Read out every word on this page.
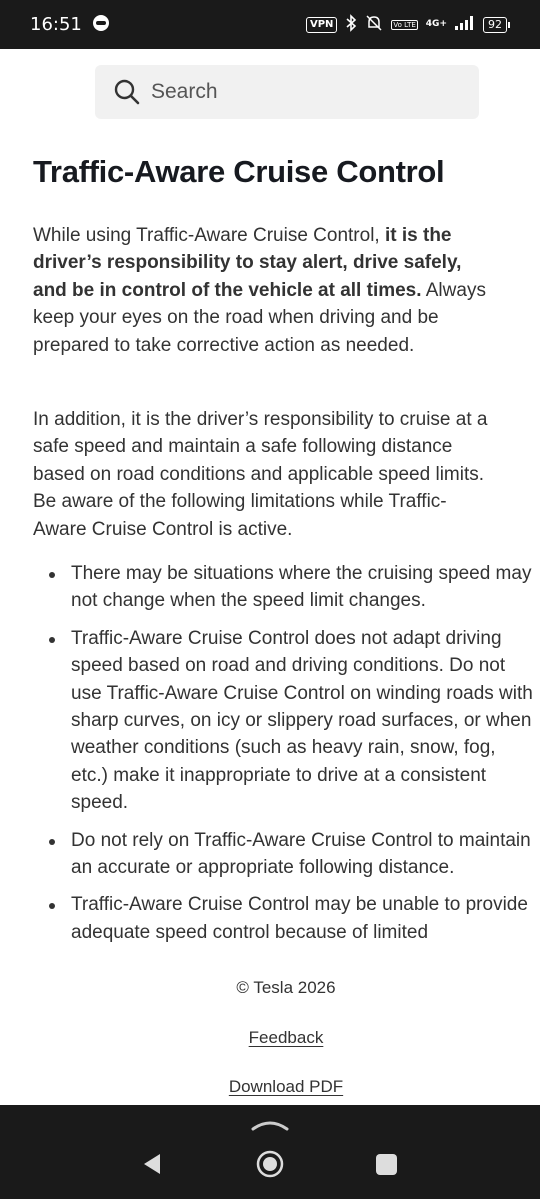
16:51	VPN	Vo LTE 4G+	92
Search
Traffic-Aware Cruise Control

While using Traffic-Aware Cruise Control, it is the driver’s responsibility to stay alert, drive safely, and be in control of the vehicle at all times. Always keep your eyes on the road when driving and be prepared to take corrective action as needed.

In addition, it is the driver’s responsibility to cruise at a safe speed and maintain a safe following distance based on road conditions and applicable speed limits. Be aware of the following limitations while Traffic-Aware Cruise Control is active.

There may be situations where the cruising speed may not change when the speed limit changes.
Traffic-Aware Cruise Control does not adapt driving speed based on road and driving conditions. Do not use Traffic-Aware Cruise Control on winding roads with sharp curves, on icy or slippery road surfaces, or when weather conditions (such as heavy rain, snow, fog, etc.) make it inappropriate to drive at a consistent speed.
Do not rely on Traffic-Aware Cruise Control to maintain an accurate or appropriate following distance.
Traffic-Aware Cruise Control may be unable to provide adequate speed control because of limited
© Tesla 2026
Feedback
Download PDF
